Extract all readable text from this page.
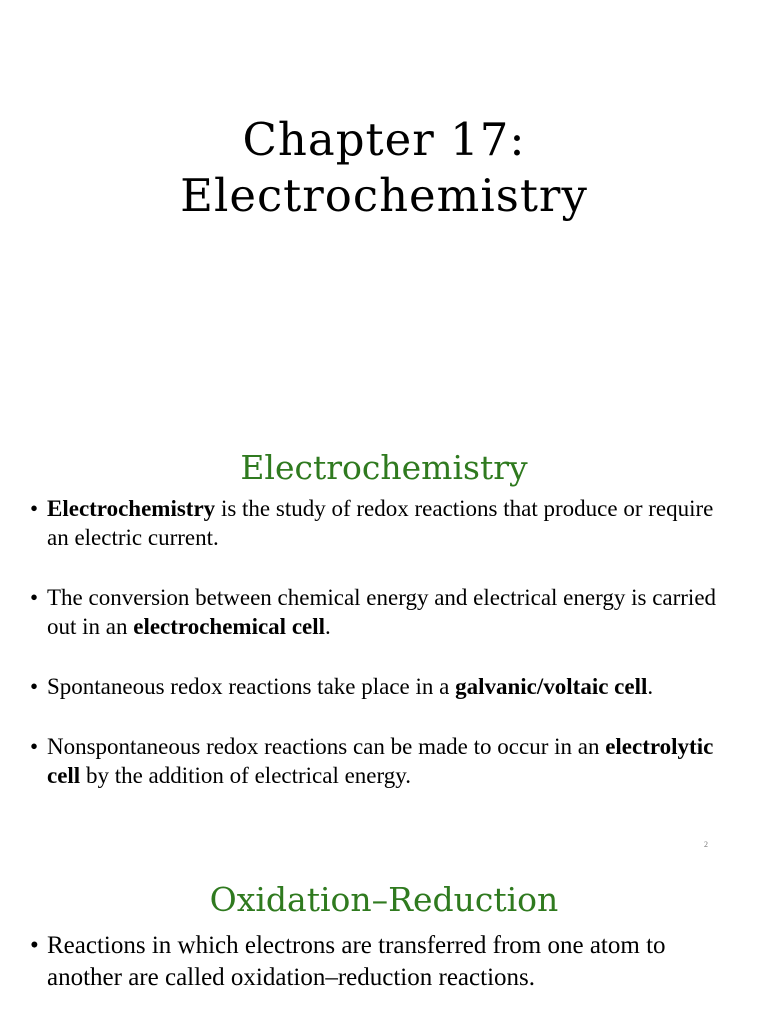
Chapter 17:
Electrochemistry
Electrochemistry
• Electrochemistry is the study of redox reactions that produce or require an electric current.
• The conversion between chemical energy and electrical energy is carried out in an electrochemical cell.
• Spontaneous redox reactions take place in a galvanic/voltaic cell.
• Nonspontaneous redox reactions can be made to occur in an electrolytic cell by the addition of electrical energy.
2
Oxidation–Reduction
• Reactions in which electrons are transferred from one atom to another are called oxidation–reduction reactions.
